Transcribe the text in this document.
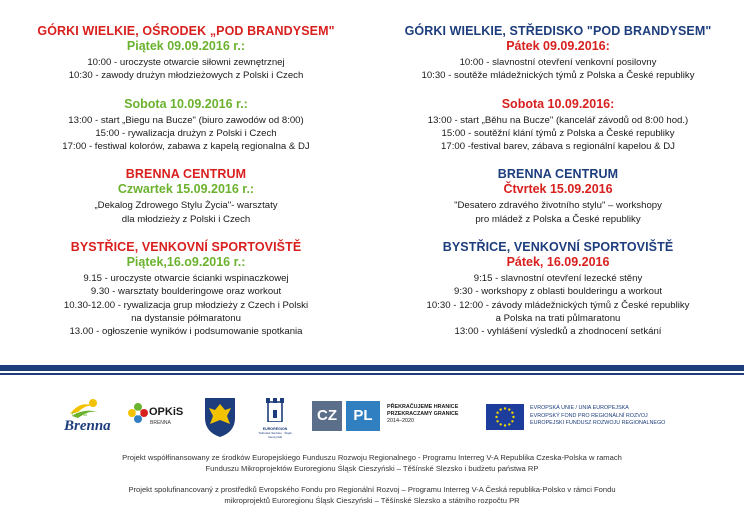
GÓRKI WIELKIE, OŚRODEK „POD BRANDYSEM"
Piątek 09.09.2016 r.:
10:00 - uroczyste otwarcie siłowni zewnętrznej
10:30 - zawody drużyn młodzieżowych z Polski i Czech
Sobota 10.09.2016 r.:
13:00 - start „Biegu na Bucze" (biuro zawodów od 8:00)
15:00 - rywalizacja drużyn z Polski i Czech
17:00 - festiwal kolorów, zabawa z kapelą regionalna & DJ
BRENNA CENTRUM
Czwartek 15.09.2016 r.:
„Dekalog Zdrowego Stylu Życia"- warsztaty
dla młodzieży z Polski i Czech
BYSTŘICE, VENKOVNÍ SPORTOVIŠTĚ
Piątek,16.o9.2016 r.:
9.15 - uroczyste otwarcie ścianki wspinaczkowej
9.30 - warsztaty boulderingowe oraz workout
10.30-12.00 - rywalizacja grup młodzieży z Czech i Polski
na dystansie półmaratonu
13.00 - ogłoszenie wyników i podsumowanie spotkania
GÓRKI WIELKIE, STŘEDISKO "POD BRANDYSEM"
Pátek 09.09.2016:
10:00 - slavnostní otevření venkovní posilovny
10:30 - soutěže mládežnických týmů z Polska a České republiky
Sobota 10.09.2016:
13:00 - start „Běhu na Bucze" (kancelář závodů od 8:00 hod.)
15:00 - soutěžní klání týmů z Polska a České republiky
17:00 -festival barev, zábava s regionální kapelou & DJ
BRENNA CENTRUM
Čtvrtek 15.09.2016
"Desatero zdravého životního stylu" – workshopy
pro mládež z Polska a České republiky
BYSTŘICE, VENKOVNÍ SPORTOVIŠTĚ
Pátek, 16.09.2016
9:15 - slavnostní otevření lezecké stěny
9:30 - workshopy z oblasti boulderingu a workout
10:30 - 12:00 - závody mládežnických týmů z České republiky
a Polska na trati půlmaratonu
13:00 - vyhlášení výsledků a zhodnocení setkání
Gmina
Brenna
OPKiS
BRENNA
EUROREGION
Těšínské Slezsko · Śląsk Cieszyński
CZ	PL	PŘEKRAČUJEME HRANICE
PRZEKRACZAMY GRANICE
2014–2020
EVROPSKÁ UNIE / UNIA EUROPEJSKA
EVROPSKÝ FOND PRO REGIONÁLNÍ ROZVOJ
EUROPEJSKI FUNDUSZ ROZWOJU REGIONALNEGO
Projekt współfinansowany ze środków Europejskiego Funduszu Rozwoju Regionalnego - Programu Interreg V-A Republika Czeska-Polska w ramach
Funduszu Mikroprojektów Euroregionu Śląsk Cieszyński – Těšínské Slezsko i budżetu państwa RP
Projekt spolufinancovaný z prostředků Evropského Fondu pro Regionální Rozvoj – Programu Interreg V-A Česká republika-Polsko v rámci Fondu
mikroprojektů Euroregionu Śląsk Cieszyński – Těšínské Slezsko a státního rozpočtu PR
